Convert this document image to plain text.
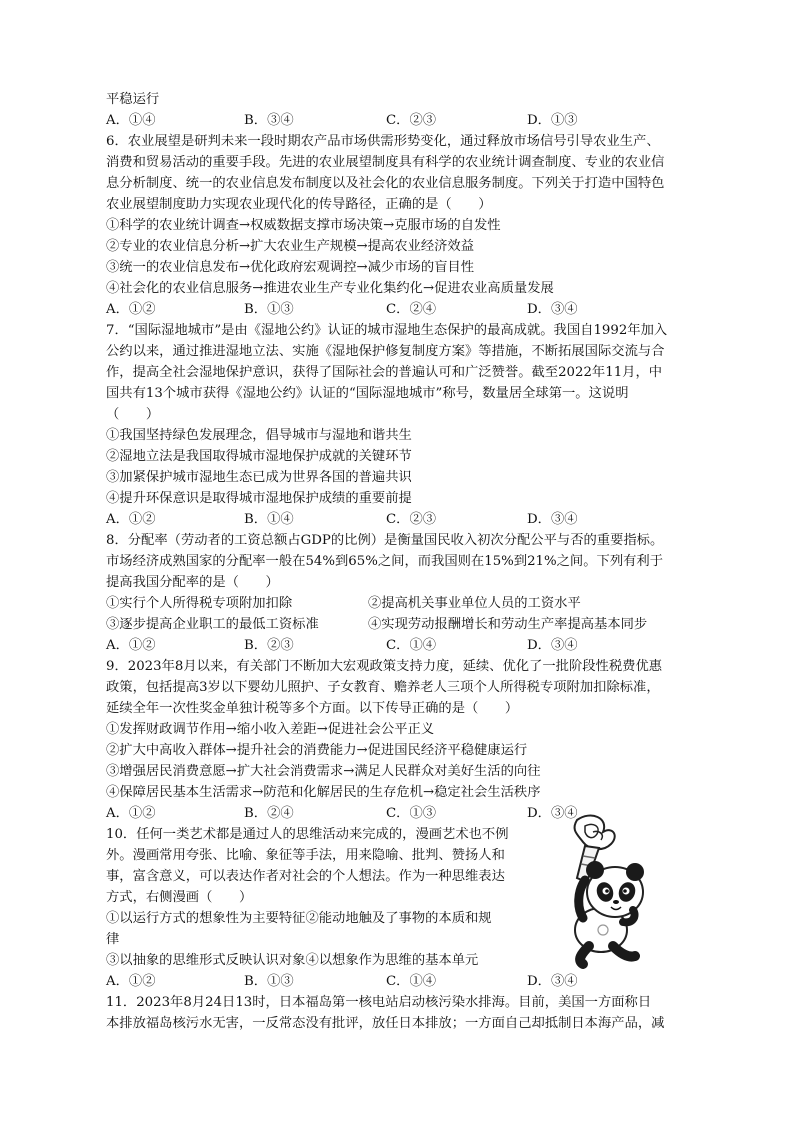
平稳运行
A．①④	B．③④	C．②③	D．①③
6．农业展望是研判未来一段时期农产品市场供需形势变化，通过释放市场信号引导农业生产、
消费和贸易活动的重要手段。先进的农业展望制度具有科学的农业统计调查制度、专业的农业信
息分析制度、统一的农业信息发布制度以及社会化的农业信息服务制度。下列关于打造中国特色
农业展望制度助力实现农业现代化的传导路径，正确的是（　　）
①科学的农业统计调查→权威数据支撑市场决策→克服市场的自发性
②专业的农业信息分析→扩大农业生产规模→提高农业经济效益
③统一的农业信息发布→优化政府宏观调控→减少市场的盲目性
④社会化的农业信息服务→推进农业生产专业化集约化→促进农业高质量发展
A．①②	B．①③	C．②④	D．③④
7．“国际湿地城市”是由《湿地公约》认证的城市湿地生态保护的最高成就。我国自1992年加入
公约以来，通过推进湿地立法、实施《湿地保护修复制度方案》等措施，不断拓展国际交流与合
作，提高全社会湿地保护意识，获得了国际社会的普遍认可和广泛赞誉。截至2022年11月，中
国共有13个城市获得《湿地公约》认证的“国际湿地城市”称号，数量居全球第一。这说明
（　　）
①我国坚持绿色发展理念，倡导城市与湿地和谐共生
②湿地立法是我国取得城市湿地保护成就的关键环节
③加紧保护城市湿地生态已成为世界各国的普遍共识
④提升环保意识是取得城市湿地保护成绩的重要前提
A．①②	B．①④	C．②③	D．③④
8．分配率（劳动者的工资总额占GDP的比例）是衡量国民收入初次分配公平与否的重要指标。
市场经济成熟国家的分配率一般在54%到65%之间，而我国则在15%到21%之间。下列有利于
提高我国分配率的是（　　）
①实行个人所得税专项附加扣除	②提高机关事业单位人员的工资水平
③逐步提高企业职工的最低工资标准	④实现劳动报酬增长和劳动生产率提高基本同步
A．①②	B．②③	C．①④	D．③④
9．2023年8月以来，有关部门不断加大宏观政策支持力度，延续、优化了一批阶段性税费优惠
政策，包括提高3岁以下婴幼儿照护、子女教育、赡养老人三项个人所得税专项附加扣除标准，
延续全年一次性奖金单独计税等多个方面。以下传导正确的是（　　）
①发挥财政调节作用→缩小收入差距→促进社会公平正义
②扩大中高收入群体→提升社会的消费能力→促进国民经济平稳健康运行
③增强居民消费意愿→扩大社会消费需求→满足人民群众对美好生活的向往
④保障居民基本生活需求→防范和化解居民的生存危机→稳定社会生活秩序
A．①②	B．②④	C．①③	D．③④
10．任何一类艺术都是通过人的思维活动来完成的，漫画艺术也不例
外。漫画常用夸张、比喻、象征等手法，用来隐喻、批判、赞扬人和
事，富含意义，可以表达作者对社会的个人想法。作为一种思维表达
方式，右侧漫画（　　）
①以运行方式的想象性为主要特征②能动地触及了事物的本质和规
律
③以抽象的思维形式反映认识对象④以想象作为思维的基本单元
A．①②	B．①③	C．①④	D．③④
11．2023年8月24日13时，日本福岛第一核电站启动核污染水排海。目前，美国一方面称日
本排放福岛核污水无害，一反常态没有批评，放任日本排放；一方面自己却抵制日本海产品，减
